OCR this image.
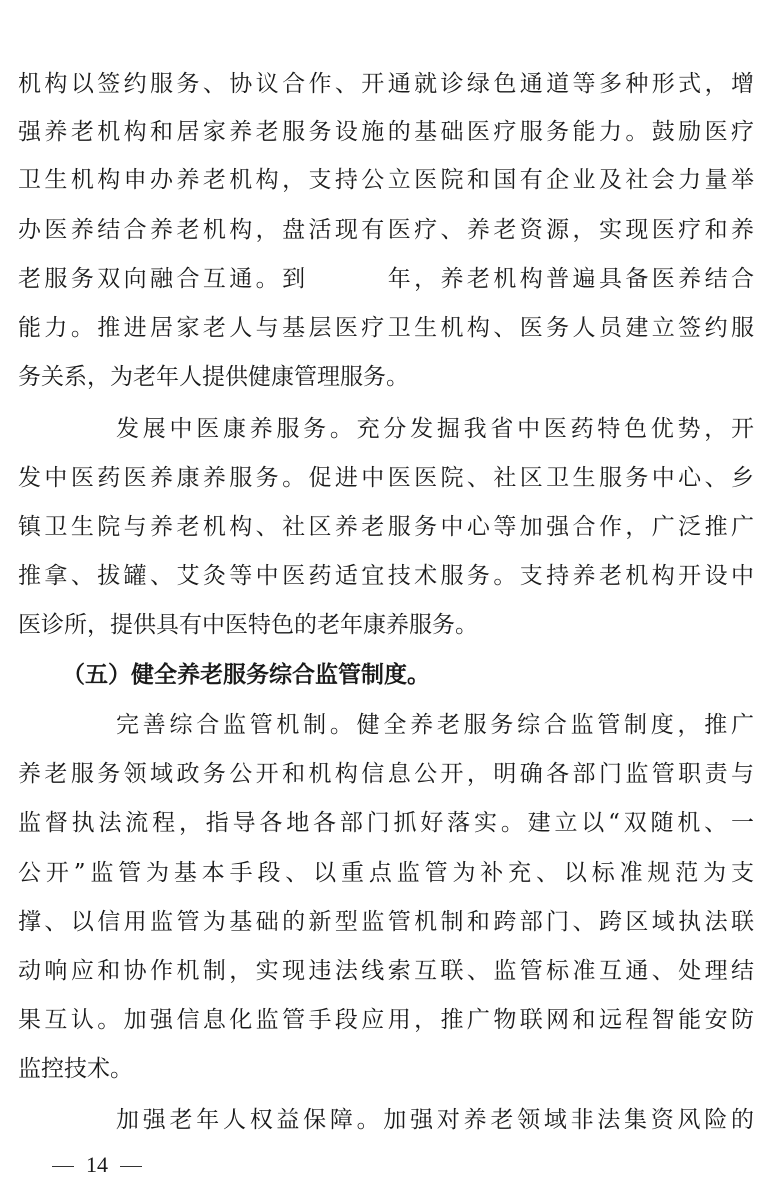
机构以签约服务、协议合作、开通就诊绿色通道等多种形式，增
强养老机构和居家养老服务设施的基础医疗服务能力。鼓励医疗
卫生机构申办养老机构，支持公立医院和国有企业及社会力量举
办医养结合养老机构，盘活现有医疗、养老资源，实现医疗和养
老服务双向融合互通。到　　　年，养老机构普遍具备医养结合
能力。推进居家老人与基层医疗卫生机构、医务人员建立签约服
务关系，为老年人提供健康管理服务。
发展中医康养服务。充分发掘我省中医药特色优势，开
发中医药医养康养服务。促进中医医院、社区卫生服务中心、乡
镇卫生院与养老机构、社区养老服务中心等加强合作，广泛推广
推拿、拔罐、艾灸等中医药适宜技术服务。支持养老机构开设中
医诊所，提供具有中医特色的老年康养服务。
（五）健全养老服务综合监管制度。
完善综合监管机制。健全养老服务综合监管制度，推广
养老服务领域政务公开和机构信息公开，明确各部门监管职责与
监督执法流程，指导各地各部门抓好落实。建立以“双随机、一
公开”监管为基本手段、以重点监管为补充、以标准规范为支
撑、以信用监管为基础的新型监管机制和跨部门、跨区域执法联
动响应和协作机制，实现违法线索互联、监管标准互通、处理结
果互认。加强信息化监管手段应用，推广物联网和远程智能安防
监控技术。
加强老年人权益保障。加强对养老领域非法集资风险的
14
